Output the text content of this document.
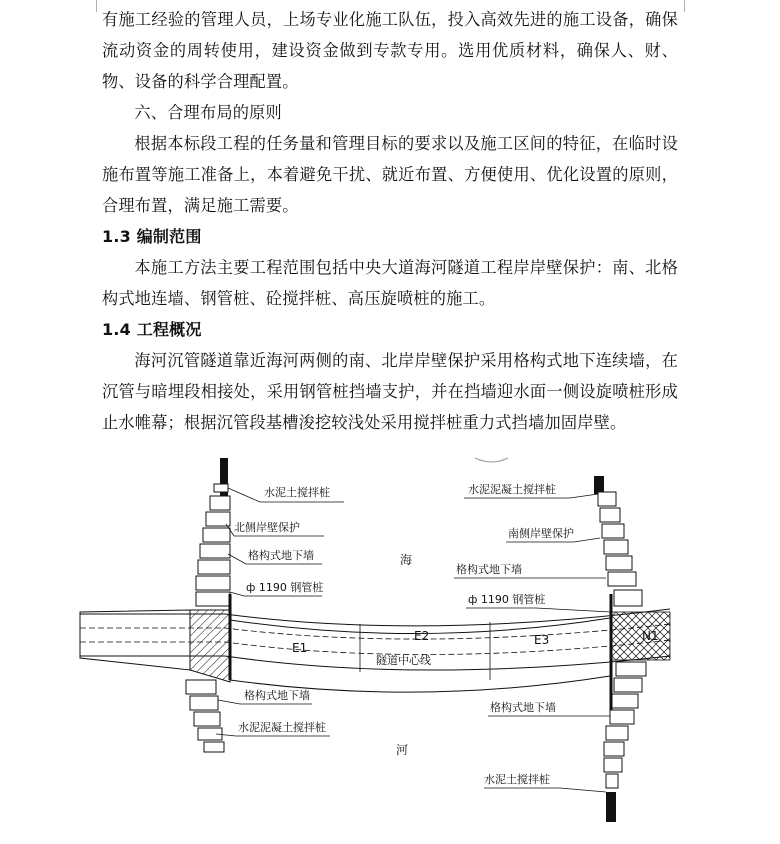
有施工经验的管理人员，上场专业化施工队伍，投入高效先进的施工设备，确保流动资金的周转使用，建设资金做到专款专用。选用优质材料，确保人、财、物、设备的科学合理配置。

六、合理布局的原则

根据本标段工程的任务量和管理目标的要求以及施工区间的特征，在临时设施布置等施工准备上，本着避免干扰、就近布置、方便使用、优化设置的原则，合理布置，满足施工需要。

1.3 编制范围

本施工方法主要工程范围包括中央大道海河隧道工程岸岸壁保护：南、北格构式地连墙、钢管桩、砼搅拌桩、高压旋喷桩的施工。

1.4 工程概况

海河沉管隧道靠近海河两侧的南、北岸岸壁保护采用格构式地下连续墙，在沉管与暗埋段相接处，采用钢管桩挡墙支护，并在挡墙迎水面一侧设旋喷桩形成止水帷幕；根据沉管段基槽浚挖较浅处采用搅拌桩重力式挡墙加固岸壁。

水泥土搅拌桩
北侧岸壁保护
格构式地下墙
ф 1190 钢管桩
格构式地下墙
水泥泥凝土搅拌桩
水泥泥凝土搅拌桩
南侧岸壁保护
格构式地下墙
ф 1190 钢管桩
格构式地下墙
水泥土搅拌桩
E1
E2	E3	N1
隧道中心线
海
河
